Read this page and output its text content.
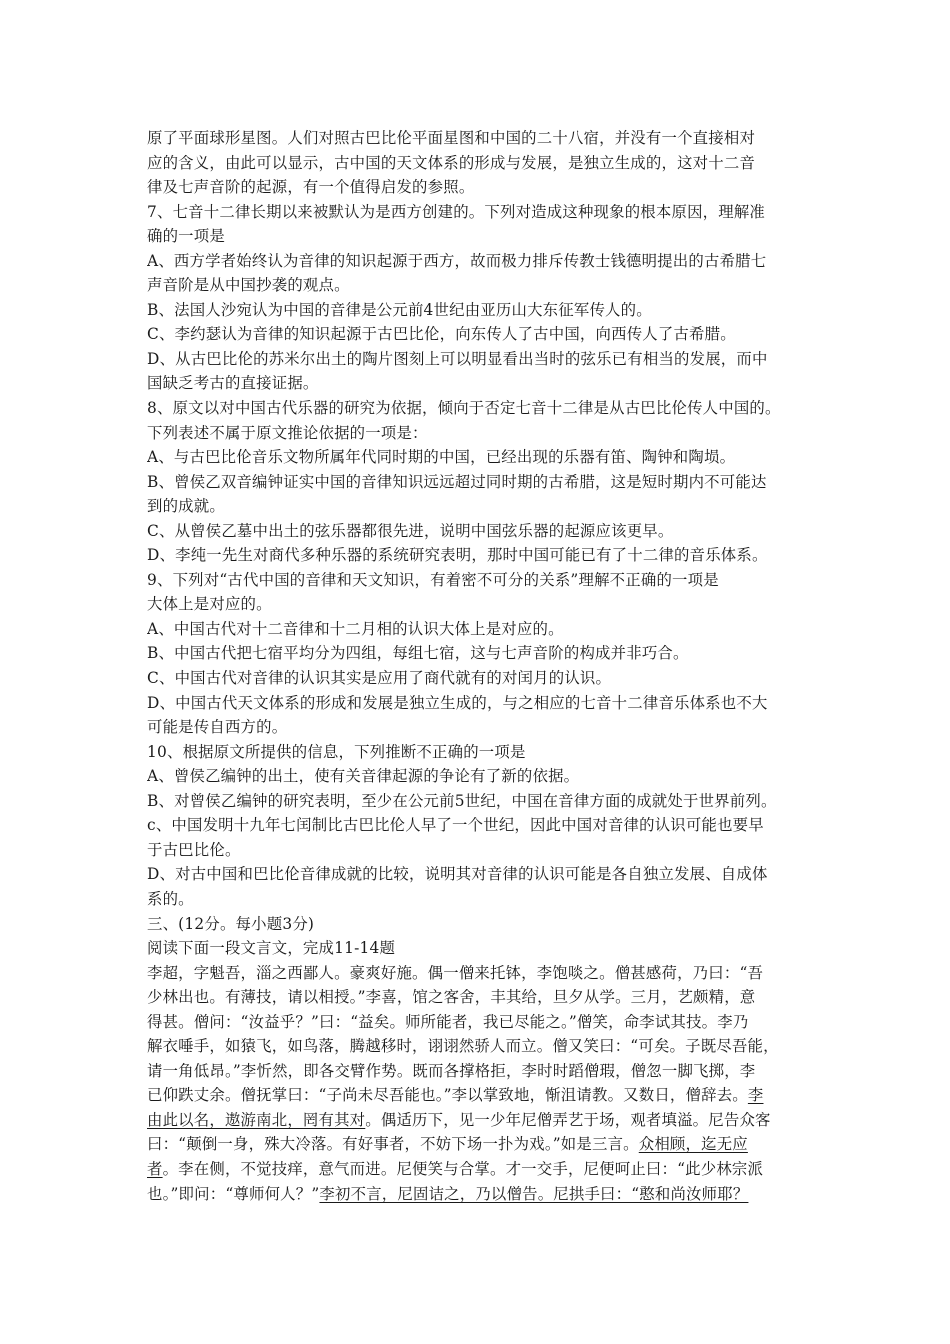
原了平面球形星图。人们对照古巴比伦平面星图和中国的二十八宿，并没有一个直接相对

应的含义，由此可以显示，古中国的天文体系的形成与发展，是独立生成的，这对十二音

律及七声音阶的起源，有一个值得启发的参照。

7、七音十二律长期以来被默认为是西方创建的。下列对造成这种现象的根本原因，理解准

确的一项是

A、西方学者始终认为音律的知识起源于西方，故而极力排斥传教士钱德明提出的古希腊七

声音阶是从中国抄袭的观点。

B、法国人沙宛认为中国的音律是公元前4世纪由亚历山大东征军传人的。

C、李约瑟认为音律的知识起源于古巴比伦，向东传人了古中国，向西传人了古希腊。

D、从古巴比伦的苏米尔出土的陶片图刻上可以明显看出当时的弦乐已有相当的发展，而中

国缺乏考古的直接证据。

8、原文以对中国古代乐器的研究为依据，倾向于否定七音十二律是从古巴比伦传人中国的。

下列表述不属于原文推论依据的一项是：

A、与古巴比伦音乐文物所属年代同时期的中国，已经出现的乐器有笛、陶钟和陶埙。

B、曾侯乙双音编钟证实中国的音律知识远远超过同时期的古希腊，这是短时期内不可能达

到的成就。

C、从曾侯乙墓中出土的弦乐器都很先进，说明中国弦乐器的起源应该更早。

D、李纯一先生对商代多种乐器的系统研究表明，那时中国可能已有了十二律的音乐体系。

9、下列对“古代中国的音律和天文知识，有着密不可分的关系”理解不正确的一项是

大体上是对应的。

A、中国古代对十二音律和十二月相的认识大体上是对应的。

B、中国古代把七宿平均分为四组，每组七宿，这与七声音阶的构成并非巧合。

C、中国古代对音律的认识其实是应用了商代就有的对闰月的认识。

D、中国古代天文体系的形成和发展是独立生成的，与之相应的七音十二律音乐体系也不大

可能是传自西方的。

10、根据原文所提供的信息，下列推断不正确的一项是

A、曾侯乙编钟的出土，使有关音律起源的争论有了新的依据。

B、对曾侯乙编钟的研究表明，至少在公元前5世纪，中国在音律方面的成就处于世界前列。

c、中国发明十九年七闰制比古巴比伦人早了一个世纪，因此中国对音律的认识可能也要早

于古巴比伦。

D、对古中国和巴比伦音律成就的比较，说明其对音律的认识可能是各自独立发展、自成体

系的。

三、(12分。每小题3分)

阅读下面一段文言文，完成11-14题

李超，字魁吾，淄之西鄙人。豪爽好施。偶一僧来托钵，李饱啖之。僧甚感荷，乃曰：“吾

少林出也。有薄技，请以相授。”李喜，馆之客舍，丰其给，旦夕从学。三月，艺颇精，意

得甚。僧问：“汝益乎？”曰：“益矣。师所能者，我已尽能之。”僧笑，命李试其技。李乃

解衣唾手，如猿飞，如鸟落，腾越移时，诩诩然骄人而立。僧又笑曰：“可矣。子既尽吾能，

请一角低昂。”李忻然，即各交臂作势。既而各撑格拒，李时时蹈僧瑕，僧忽一脚飞掷，李

已仰跌丈余。僧抚掌曰：“子尚未尽吾能也。”李以掌致地，惭沮请教。又数日，僧辞去。李

由此以名，遨游南北，罔有其对。偶适历下，见一少年尼僧弄艺于场，观者填溢。尼告众客

曰：“颠倒一身，殊大冷落。有好事者，不妨下场一扑为戏。”如是三言。众相顾，迄无应

者。李在侧，不觉技痒，意气而进。尼便笑与合掌。才一交手，尼便呵止曰：“此少林宗派

也。”即问：“尊师何人？”李初不言，尼固诘之，乃以僧告。尼拱手曰：“憨和尚汝师耶？
